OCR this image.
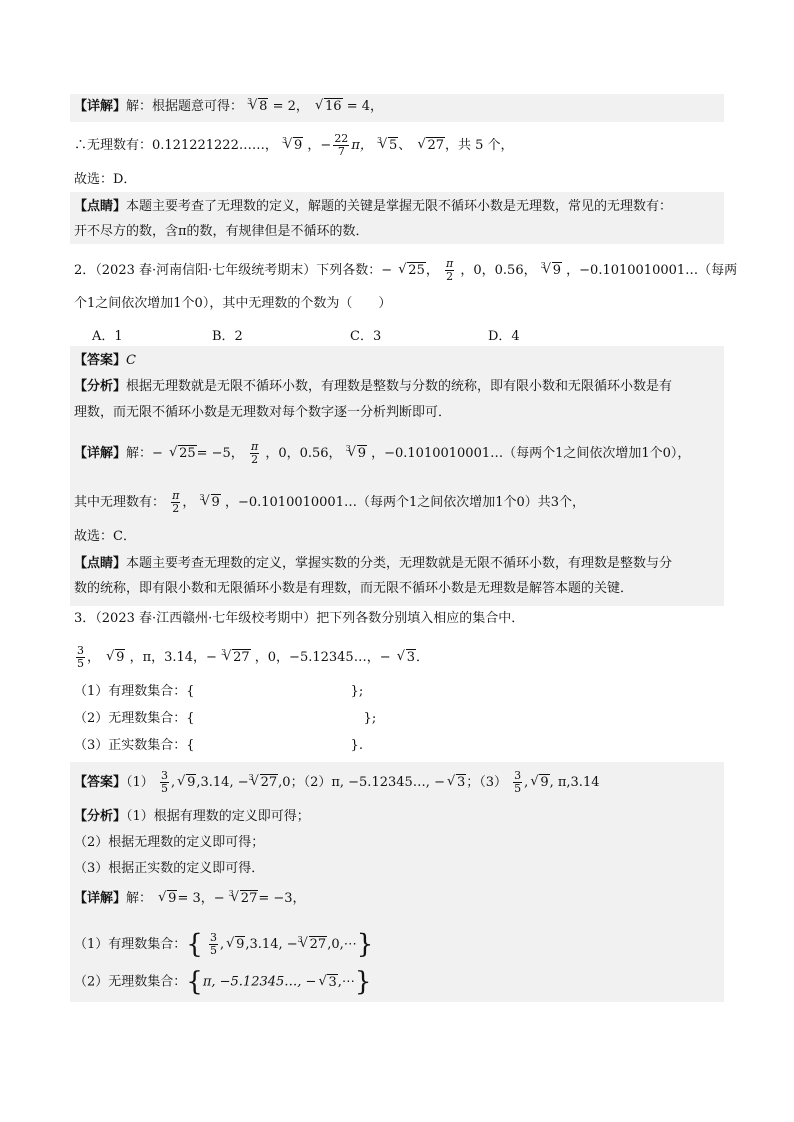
【详解】解：根据题意可得： √ 3 8 = 2， √ 16 = 4，
∴无理数有：0.121221222……， √ 3 9 ，− $\frac{22}{7}$ π， √ 3 5、 √ 27，共 5 个，
故选：D．
【点睛】本题主要考查了无理数的定义，解题的关键是掌握无限不循环小数是无理数，常见的无理数有：
开不尽方的数，含π的数，有规律但是不循环的数．
2．（2023 春·河南信阳·七年级统考期末）下列各数：− √ 25， $\frac{\pi}{2}$ ，0，0.56， √ 3 9 ，−0.1010010001…（每两
个1之间依次增加1个0），其中无理数的个数为（　　）
A．1	B．2	C．3	D．4
【答案】C
【分析】根据无理数就是无限不循环小数，有理数是整数与分数的统称，即有限小数和无限循环小数是有
理数，而无限不循环小数是无理数对每个数字逐一分析判断即可．
【详解】解：− √ 25= −5， $\frac{\pi}{2}$ ，0，0.56， √ 3 9 ，−0.1010010001…（每两个1之间依次增加1个0），
其中无理数有： $\frac{\pi}{2}$ ， √ 3 9 ，−0.1010010001…（每两个1之间依次增加1个0）共3个，
故选：C．
【点睛】本题主要考查无理数的定义，掌握实数的分类，无理数就是无限不循环小数，有理数是整数与分
数的统称，即有限小数和无限循环小数是有理数，而无限不循环小数是无理数是解答本题的关键．
3．（2023 春·江西赣州·七年级校考期中）把下列各数分别填入相应的集合中．
$\frac{3}{5}$ ， √ 9 ，π，3.14，− √ 3 27 ，0，−5.12345…，− √ 3．
（1）有理数集合：{　　　　　　　　　　　　};
（2）无理数集合：{　　　　　　　　　　　　　};
（3）正实数集合：{　　　　　　　　　　　　}.
【答案】$(1) \frac{3}{5}$ , √ 9,3.14, − √ 3 27,0；（2）π, −5.12345…, − √ 3；$(3) \frac{3}{5}$ , √ 9, π,3.14
【分析】（1）根据有理数的定义即可得；
（2）根据无理数的定义即可得；
（3）根据正实数的定义即可得．
【详解】解： √ 9= 3，− √ 3 27= −3，
（1）有理数集合：{ $\frac{3}{5}$ , √ 9,3.14, − √ 3 27,0,⋯}
（2）无理数集合：{π, −5.12345…, − √ 3,⋯}
